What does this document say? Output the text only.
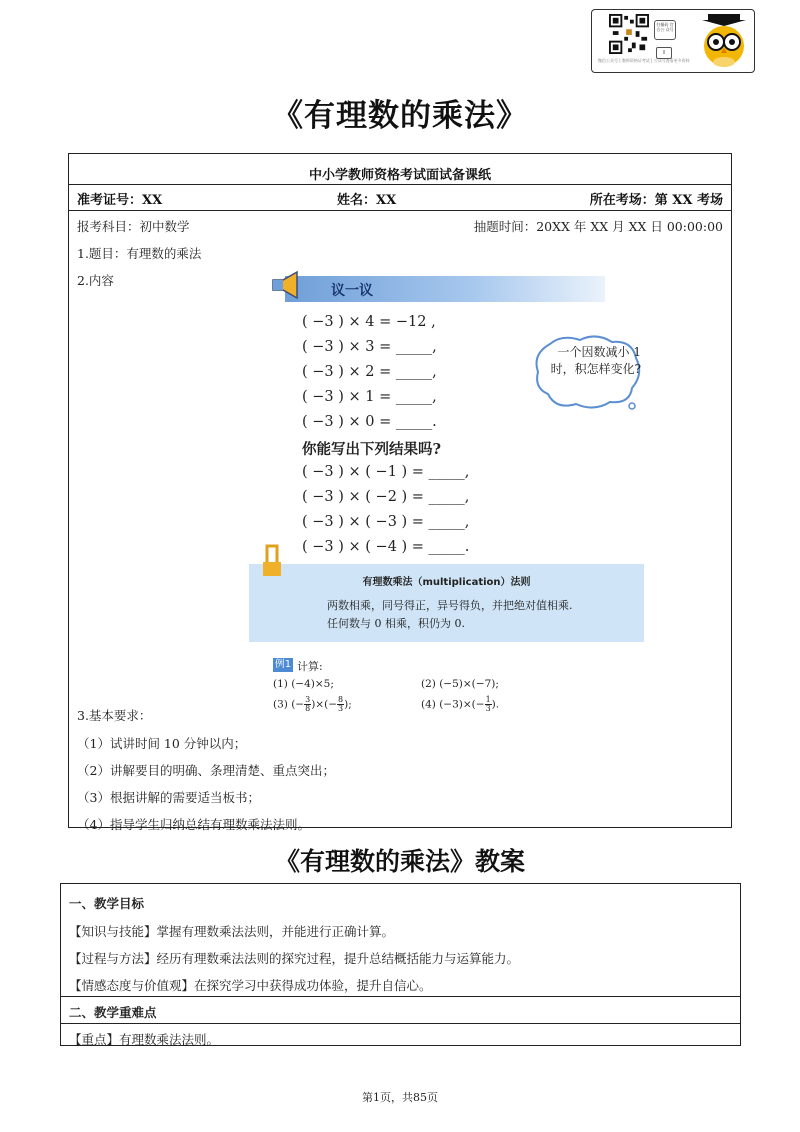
微信公众号 | 教师资格证考试 | 公众号查看更多资料
扫描码 官方公 众号
⇧
《有理数的乘法》
中小学教师资格考试面试备课纸
准考证号：XX	姓名：XX	所在考场：第 XX 考场
报考科目：初中数学	抽题时间：20XX 年 XX 月 XX 日 00:00:00
1.题目：有理数的乘法
2.内容
议一议
( −3 ) × 4 = −12 ,
( −3 ) × 3 = _____,
( −3 ) × 2 = _____,
( −3 ) × 1 = _____,
( −3 ) × 0 = _____.
你能写出下列结果吗?
( −3 ) × ( −1 ) = _____,
( −3 ) × ( −2 ) = _____,
( −3 ) × ( −3 ) = _____,
( −3 ) × ( −4 ) = _____.
一个因数减小 1 时，积怎样变化?
有理数乘法（multiplication）法则
两数相乘，同号得正，异号得负，并把绝对值相乘.
任何数与 0 相乘，积仍为 0.
例1 计算:
(1) (−4)×5;	(2) (−5)×(−7);
(3) (− $\frac{3}{8}$ )×(− $\frac{8}{3}$ );	(4) $(-3)\times(- \frac{1}{3}$ ).
3.基本要求：
（1）试讲时间 10 分钟以内；
（2）讲解要目的明确、条理清楚、重点突出；
（3）根据讲解的需要适当板书；
（4）指导学生归纳总结有理数乘法法则。
《有理数的乘法》教案
一、教学目标
【知识与技能】掌握有理数乘法法则，并能进行正确计算。
【过程与方法】经历有理数乘法法则的探究过程，提升总结概括能力与运算能力。
【情感态度与价值观】在探究学习中获得成功体验，提升自信心。
二、教学重难点
【重点】有理数乘法法则。
第1页，共85页
